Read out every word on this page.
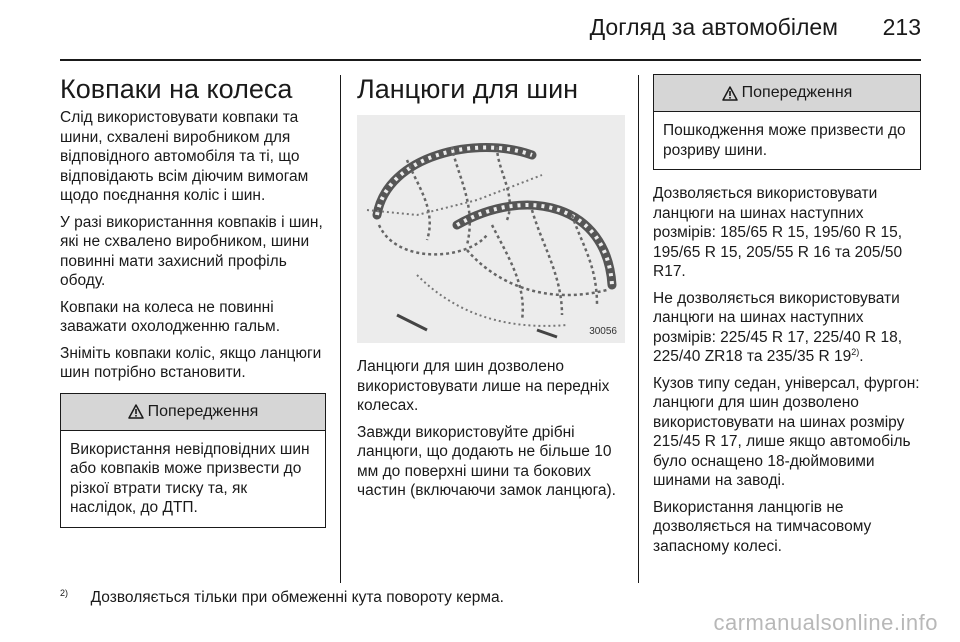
Догляд за автомобілем 213
Ковпаки на колеса

Слід використовувати ковпаки та шини, схвалені виробником для відповідного автомобіля та ті, що відповідають всім діючим вимогам щодо поєднання коліс і шин.

У разі використанння ковпаків і шин, які не схвалено виробником, шини повинні мати захисний профіль ободу.

Ковпаки на колеса не повинні заважати охолодженню гальм.

Зніміть ковпаки коліс, якщо ланцюги шин потрібно встановити.

Попередження
Використання невідповідних шин або ковпаків може призвести до різкої втрати тиску та, як наслідок, до ДТП.
Ланцюги для шин
30056

Ланцюги для шин дозволено використовувати лише на передніх колесах.

Завжди використовуйте дрібні ланцюги, що додають не більше 10 мм до поверхні шини та бокових частин (включаючи замок ланцюга).

Попередження
Пошкодження може призвести до розриву шини.

Дозволяється використовувати ланцюги на шинах наступних розмірів: 185/65 R 15, 195/60 R 15, 195/65 R 15, 205/55 R 16 та 205/50 R17.

Не дозволяється використовувати ланцюги на шинах наступних розмірів: 225/45 R 17, 225/40 R 18, 225/40 ZR18 та 235/35 R 19$^{2)}$.

Кузов типу седан, універсал, фургон: ланцюги для шин дозволено використовувати на шинах розміру 215/45 R 17, лише якщо автомобіль було оснащено 18-дюймовими шинами на заводі.

Використання ланцюгів не дозволяється на тимчасовому запасному колесі.

$^{2)}$ Дозволяється тільки при обмеженні кута повороту керма.
carmanualsonline.info
